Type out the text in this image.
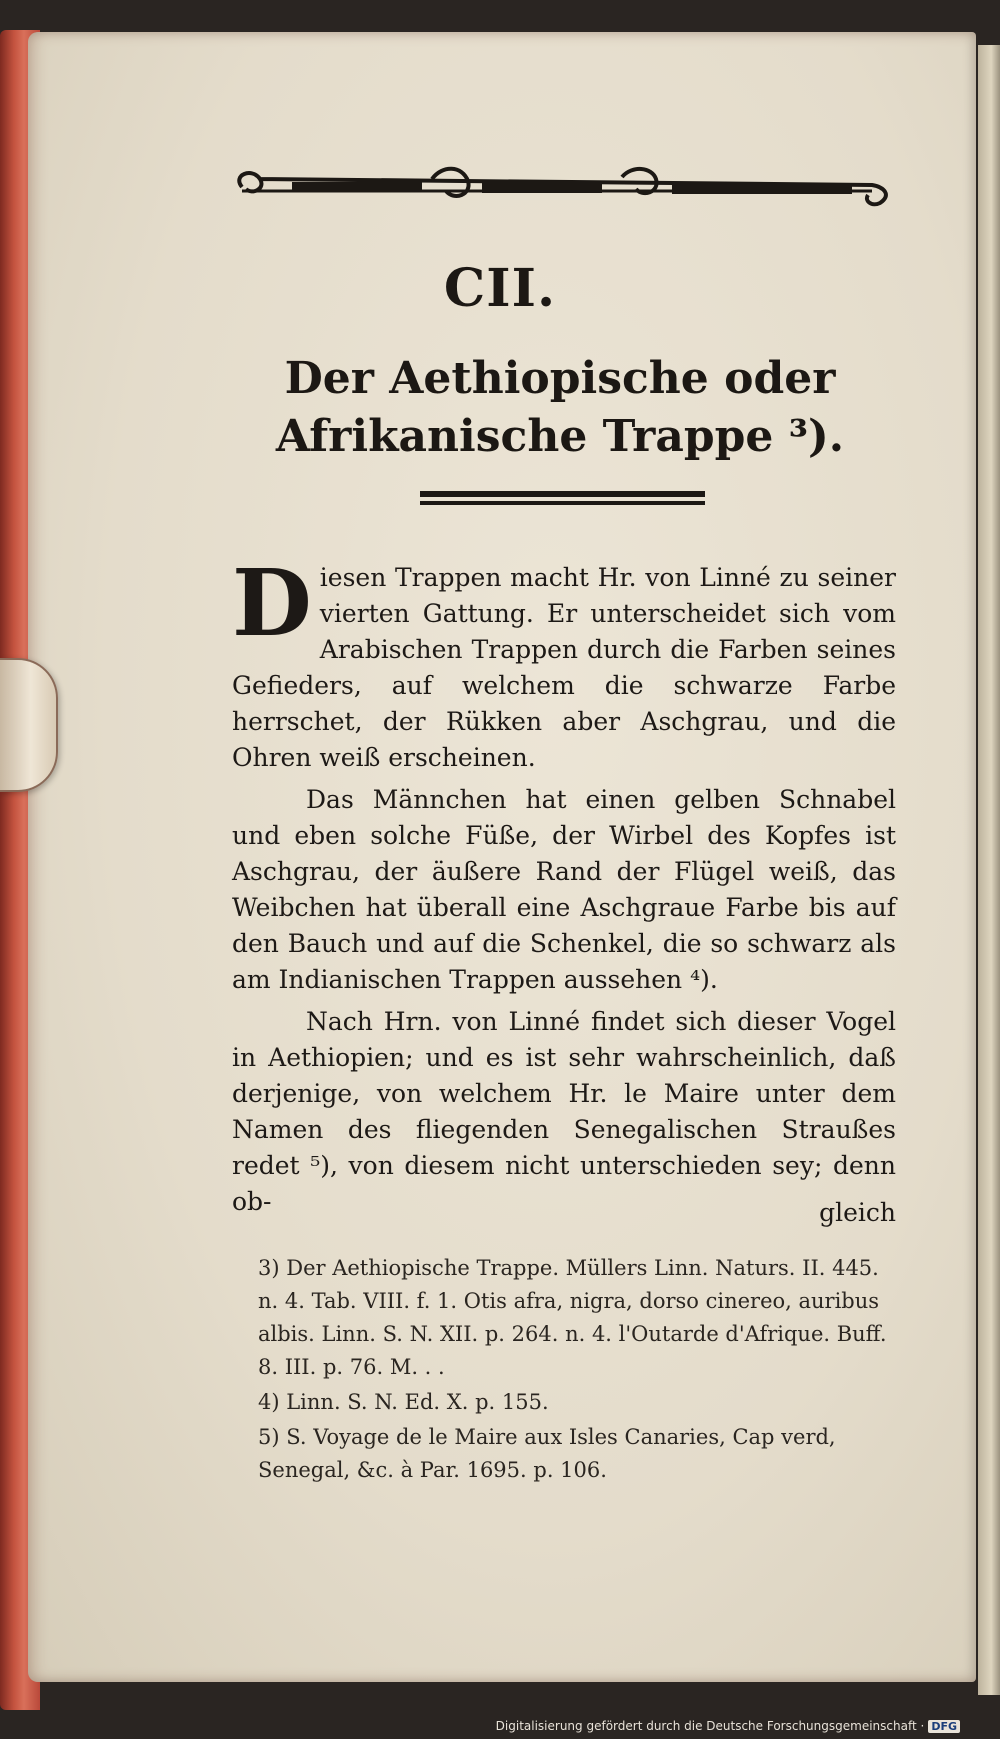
CII.
Der Aethiopische oder Afrikanische Trappe ³).

Diesen Trappen macht Hr. von Linné zu seiner vierten Gattung. Er unterscheidet sich vom Arabischen Trappen durch die Farben seines Gefieders, auf welchem die schwarze Farbe herrschet, der Rükken aber Aschgrau, und die Ohren weiß erscheinen.

Das Männchen hat einen gelben Schnabel und eben solche Füße, der Wirbel des Kopfes ist Aschgrau, der äußere Rand der Flügel weiß, das Weibchen hat überall eine Aschgraue Farbe bis auf den Bauch und auf die Schenkel, die so schwarz als am Indianischen Trappen aussehen ⁴).

Nach Hrn. von Linné findet sich dieser Vogel in Aethiopien; und es ist sehr wahrscheinlich, daß derjenige, von welchem Hr. le Maire unter dem Namen des fliegenden Senegalischen Straußes redet ⁵), von diesem nicht unterschieden sey; denn ob-	gleich
3) Der Aethiopische Trappe. Müllers Linn. Naturs. II. 445. n. 4. Tab. VIII. f. 1. Otis afra, nigra, dorso cinereo, auribus albis. Linn. S. N. XII. p. 264. n. 4. l'Outarde d'Afrique. Buff. 8. III. p. 76. M. . .
4) Linn. S. N. Ed. X. p. 155.
5) S. Voyage de le Maire aux Isles Canaries, Cap verd, Senegal, &c. à Par. 1695. p. 106.
Digitalisierung gefördert durch die Deutsche Forschungsgemeinschaft · DFG
